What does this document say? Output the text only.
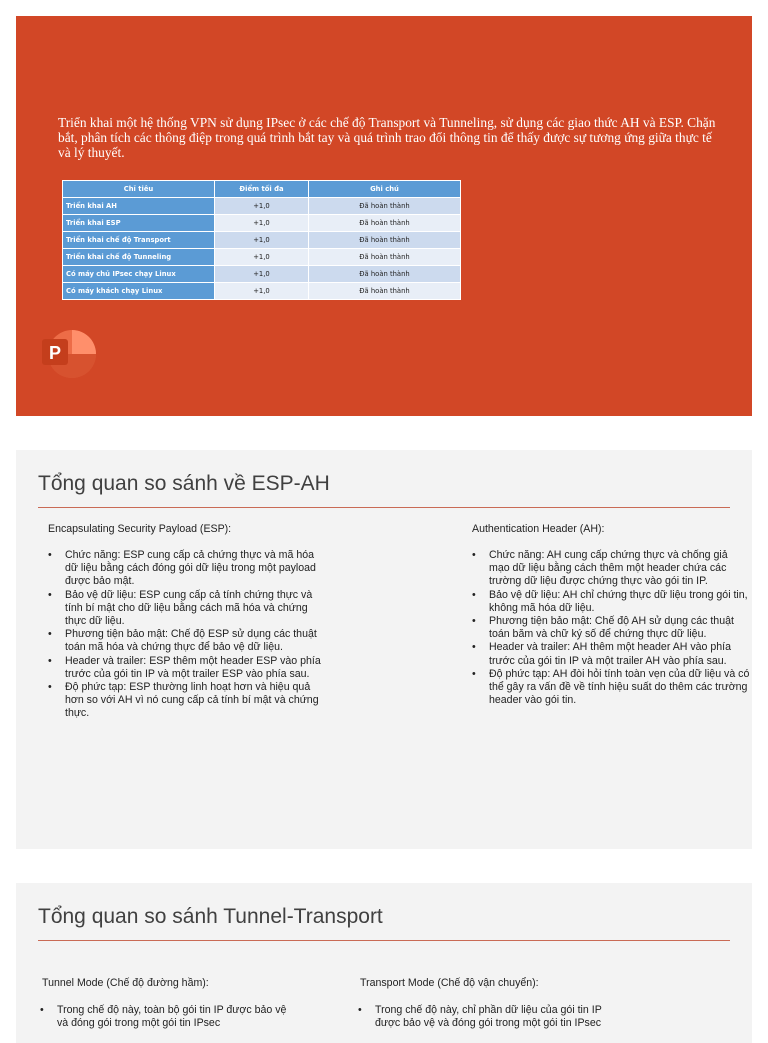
Triển khai một hệ thống VPN sử dụng IPsec ở các chế độ Transport và Tunneling, sử dụng các giao thức AH và ESP. Chặn bắt, phân tích các thông điệp trong quá trình bắt tay và quá trình trao đổi thông tin để thấy được sự tương ứng giữa thực tế và lý thuyết.

Chỉ tiêu	Điểm tối đa	Ghi chú
Triển khai AH	+1,0	Đã hoàn thành
Triển khai ESP	+1,0	Đã hoàn thành
Triển khai chế độ Transport	+1,0	Đã hoàn thành
Triển khai chế độ Tunneling	+1,0	Đã hoàn thành
Có máy chủ IPsec chạy Linux	+1,0	Đã hoàn thành
Có máy khách chạy Linux	+1,0	Đã hoàn thành
P
Tổng quan so sánh về ESP-AH

Encapsulating Security Payload (ESP):

• Chức năng: ESP cung cấp cả chứng thực và mã hóa dữ liệu bằng cách đóng gói dữ liệu trong một payload được bảo mật.
• Bảo vệ dữ liệu: ESP cung cấp cả tính chứng thực và tính bí mật cho dữ liệu bằng cách mã hóa và chứng thực dữ liệu.
• Phương tiện bảo mật: Chế độ ESP sử dụng các thuật toán mã hóa và chứng thực để bảo vệ dữ liệu.
• Header và trailer: ESP thêm một header ESP vào phía trước của gói tin IP và một trailer ESP vào phía sau.
• Độ phức tạp: ESP thường linh hoạt hơn và hiệu quả hơn so với AH vì nó cung cấp cả tính bí mật và chứng thực.

Authentication Header (AH):

• Chức năng: AH cung cấp chứng thực và chống giả mạo dữ liệu bằng cách thêm một header chứa các trường dữ liệu được chứng thực vào gói tin IP.
• Bảo vệ dữ liệu: AH chỉ chứng thực dữ liệu trong gói tin, không mã hóa dữ liệu.
• Phương tiện bảo mật: Chế độ AH sử dụng các thuật toán băm và chữ ký số để chứng thực dữ liệu.
• Header và trailer: AH thêm một header AH vào phía trước của gói tin IP và một trailer AH vào phía sau.
• Độ phức tạp: AH đòi hỏi tính toàn vẹn của dữ liệu và có thể gây ra vấn đề về tính hiệu suất do thêm các trường header vào gói tin.
Tổng quan so sánh Tunnel-Transport

Tunnel Mode (Chế độ đường hầm):

• Trong chế độ này, toàn bộ gói tin IP được bảo vệ và đóng gói trong một gói tin IPsec

Transport Mode (Chế độ vận chuyển):

• Trong chế độ này, chỉ phần dữ liệu của gói tin IP được bảo vệ và đóng gói trong một gói tin IPsec
